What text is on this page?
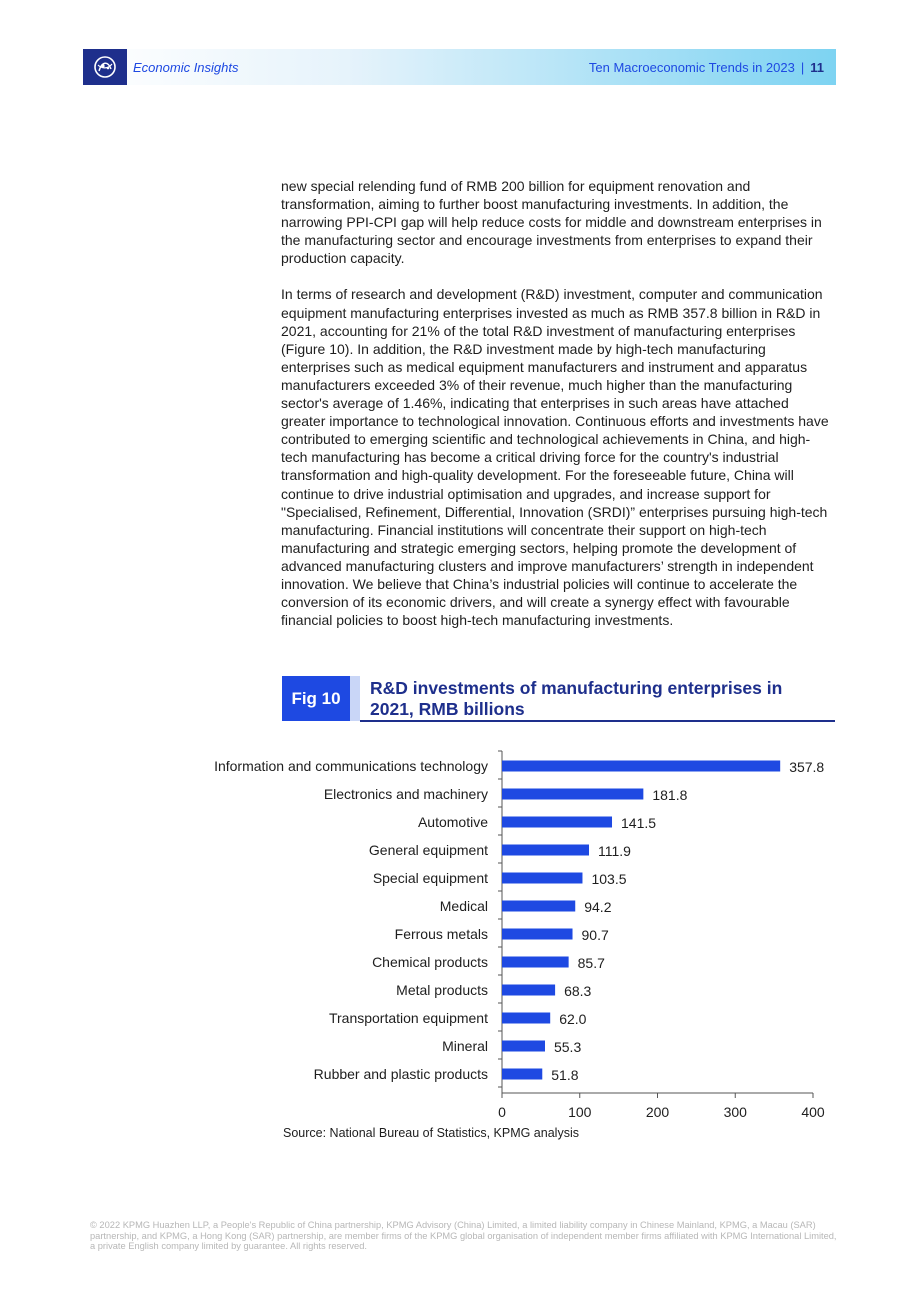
Economic Insights	Ten Macroeconomic Trends in 2023 | 11

new special relending fund of RMB 200 billion for equipment renovation and transformation, aiming to further boost manufacturing investments. In addition, the narrowing PPI-CPI gap will help reduce costs for middle and downstream enterprises in the manufacturing sector and encourage investments from enterprises to expand their production capacity.

In terms of research and development (R&D) investment, computer and communication equipment manufacturing enterprises invested as much as RMB 357.8 billion in R&D in 2021, accounting for 21% of the total R&D investment of manufacturing enterprises (Figure 10). In addition, the R&D investment made by high-tech manufacturing enterprises such as medical equipment manufacturers and instrument and apparatus manufacturers exceeded 3% of their revenue, much higher than the manufacturing sector's average of 1.46%, indicating that enterprises in such areas have attached greater importance to technological innovation. Continuous efforts and investments have contributed to emerging scientific and technological achievements in China, and high-tech manufacturing has become a critical driving force for the country's industrial transformation and high-quality development. For the foreseeable future, China will continue to drive industrial optimisation and upgrades, and increase support for "Specialised, Refinement, Differential, Innovation (SRDI)” enterprises pursuing high-tech manufacturing. Financial institutions will concentrate their support on high-tech manufacturing and strategic emerging sectors, helping promote the development of advanced manufacturing clusters and improve manufacturers’ strength in independent innovation. We believe that China’s industrial policies will continue to accelerate the conversion of its economic drivers, and will create a synergy effect with favourable financial policies to boost high-tech manufacturing investments.

Fig 10	R&D investments of manufacturing enterprises in 2021, RMB billions
Information and communications technology	357.8
Electronics and machinery	181.8
Automotive	141.5
General equipment	111.9
Special equipment	103.5
Medical	94.2
Ferrous metals	90.7
Chemical products	85.7
Metal products	68.3
Transportation equipment	62.0
Mineral	55.3
Rubber and plastic products	51.8
0	100	200	300	400
Source: National Bureau of Statistics, KPMG analysis
© 2022 KPMG Huazhen LLP, a People's Republic of China partnership, KPMG Advisory (China) Limited, a limited liability company in Chinese Mainland, KPMG, a Macau (SAR) partnership, and KPMG, a Hong Kong (SAR) partnership, are member firms of the KPMG global organisation of independent member firms affiliated with KPMG International Limited, a private English company limited by guarantee. All rights reserved.
